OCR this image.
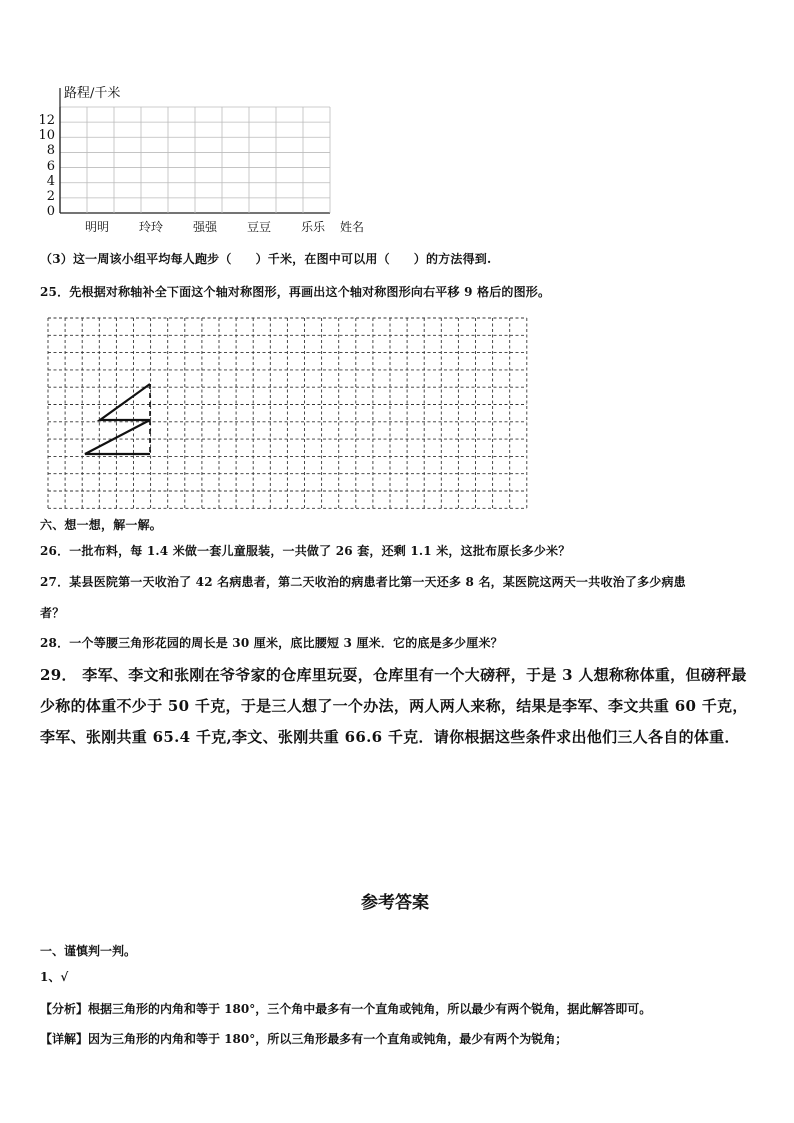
路程/千米
12
10
8
6
4
2
0
明明 玲玲 强强 豆豆 乐乐 姓名
（3）这一周该小组平均每人跑步（ ）千米，在图中可以用（ ）的方法得到.
25．先根据对称轴补全下面这个轴对称图形，再画出这个轴对称图形向右平移 9 格后的图形。
六、想一想，解一解。
26．一批布料，每 1.4 米做一套儿童服装，一共做了 26 套，还剩 1.1 米，这批布原长多少米？
27．某县医院第一天收治了 42 名病患者，第二天收治的病患者比第一天还多 8 名，某医院这两天一共收治了多少病患
者？
28．一个等腰三角形花园的周长是 30 厘米，底比腰短 3 厘米．它的底是多少厘米？
29． 李军、李文和张刚在爷爷家的仓库里玩耍，仓库里有一个大磅秤，于是 3 人想称称体重，但磅秤最少称的体重不少于 50 千克，于是三人想了一个办法，两人两人来称，结果是李军、李文共重 60 千克，李军、张刚共重 65.4 千克,李文、张刚共重 66.6 千克．请你根据这些条件求出他们三人各自的体重．
参考答案
一、谨慎判一判。
1、√
【分析】根据三角形的内角和等于 180°，三个角中最多有一个直角或钝角，所以最少有两个锐角，据此解答即可。
【详解】因为三角形的内角和等于 180°，所以三角形最多有一个直角或钝角，最少有两个为锐角；
